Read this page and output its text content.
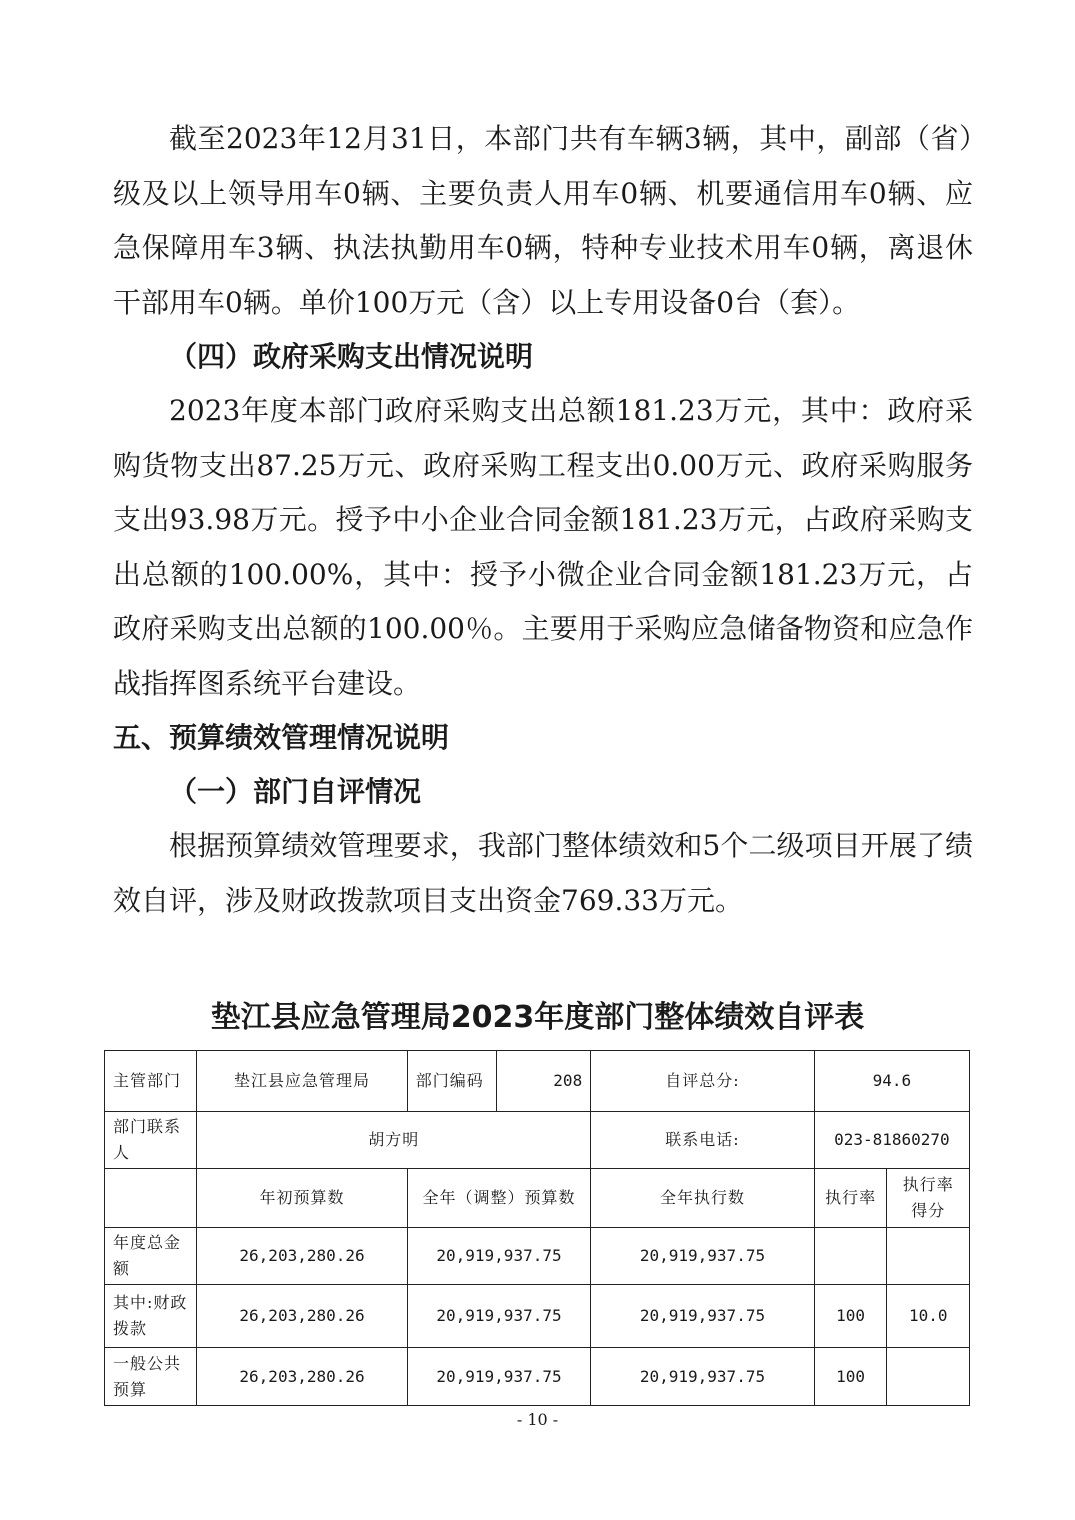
截至2023年12月31日，本部门共有车辆3辆，其中，副部（省）级及以上领导用车0辆、主要负责人用车0辆、机要通信用车0辆、应急保障用车3辆、执法执勤用车0辆，特种专业技术用车0辆，离退休干部用车0辆。单价100万元（含）以上专用设备0台（套）。

（四）政府采购支出情况说明

2023年度本部门政府采购支出总额181.23万元，其中：政府采购货物支出87.25万元、政府采购工程支出0.00万元、政府采购服务支出93.98万元。授予中小企业合同金额181.23万元，占政府采购支出总额的100.00%，其中：授予小微企业合同金额181.23万元，占政府采购支出总额的100.00％。主要用于采购应急储备物资和应急作战指挥图系统平台建设。

五、预算绩效管理情况说明

（一）部门自评情况

根据预算绩效管理要求，我部门整体绩效和5个二级项目开展了绩效自评，涉及财政拨款项目支出资金769.33万元。

垫江县应急管理局2023年度部门整体绩效自评表
主管部门	垫江县应急管理局	部门编码	208	自评总分:	94.6	
部门联系人	胡方明			联系电话:	023-81860270	
	年初预算数	全年（调整）预算数		全年执行数	执行率	执行率得分
年度总金额	26,203,280.26	20,919,937.75		20,919,937.75		
其中:财政拨款	26,203,280.26	20,919,937.75		20,919,937.75	100	10.0
一般公共预算	26,203,280.26	20,919,937.75		20,919,937.75	100	
- 10 -
